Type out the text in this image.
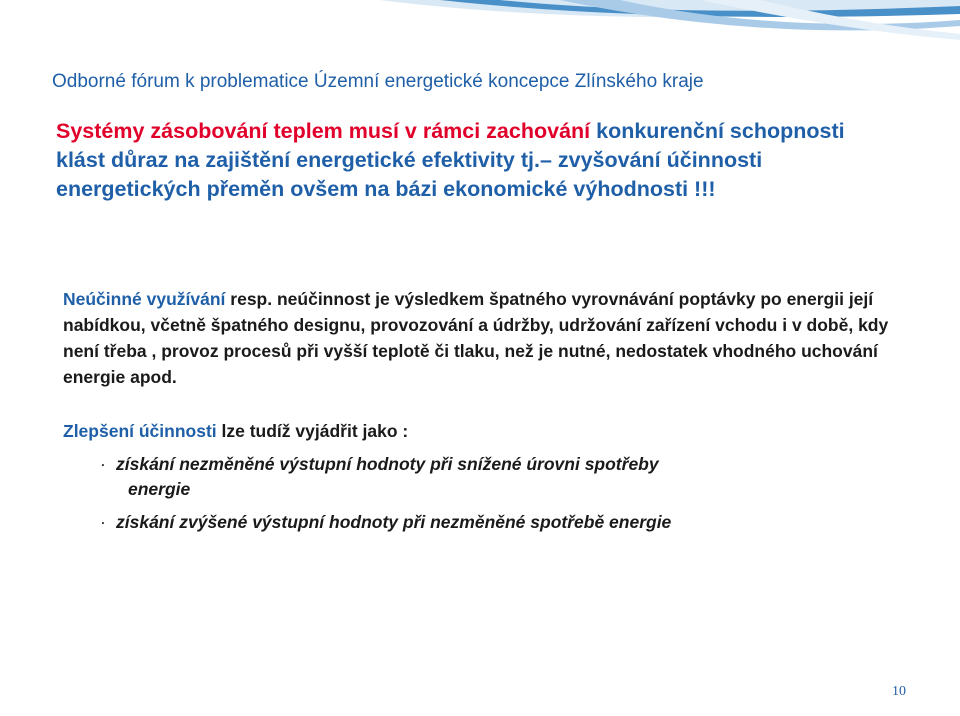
Odborné fórum k problematice Územní energetické koncepce Zlínského kraje
Systémy zásobování teplem musí v rámci zachování konkurenční schopnosti klást důraz na zajištění energetické efektivity tj.– zvyšování účinnosti energetických přeměn ovšem na bázi ekonomické výhodnosti !!!
Neúčinné využívání resp. neúčinnost je výsledkem špatného vyrovnávání poptávky po energii její nabídkou, včetně špatného designu, provozování a údržby, udržování zařízení vchodu i v době, kdy není třeba , provoz procesů při vyšší teplotě či tlaku, než je nutné, nedostatek vhodného uchování energie apod.
Zlepšení účinnosti lze tudíž vyjádřit jako :
· získání nezměněné výstupní hodnoty při snížené úrovni spotřeby
energie
· získání zvýšené výstupní hodnoty při nezměněné spotřebě energie
10
